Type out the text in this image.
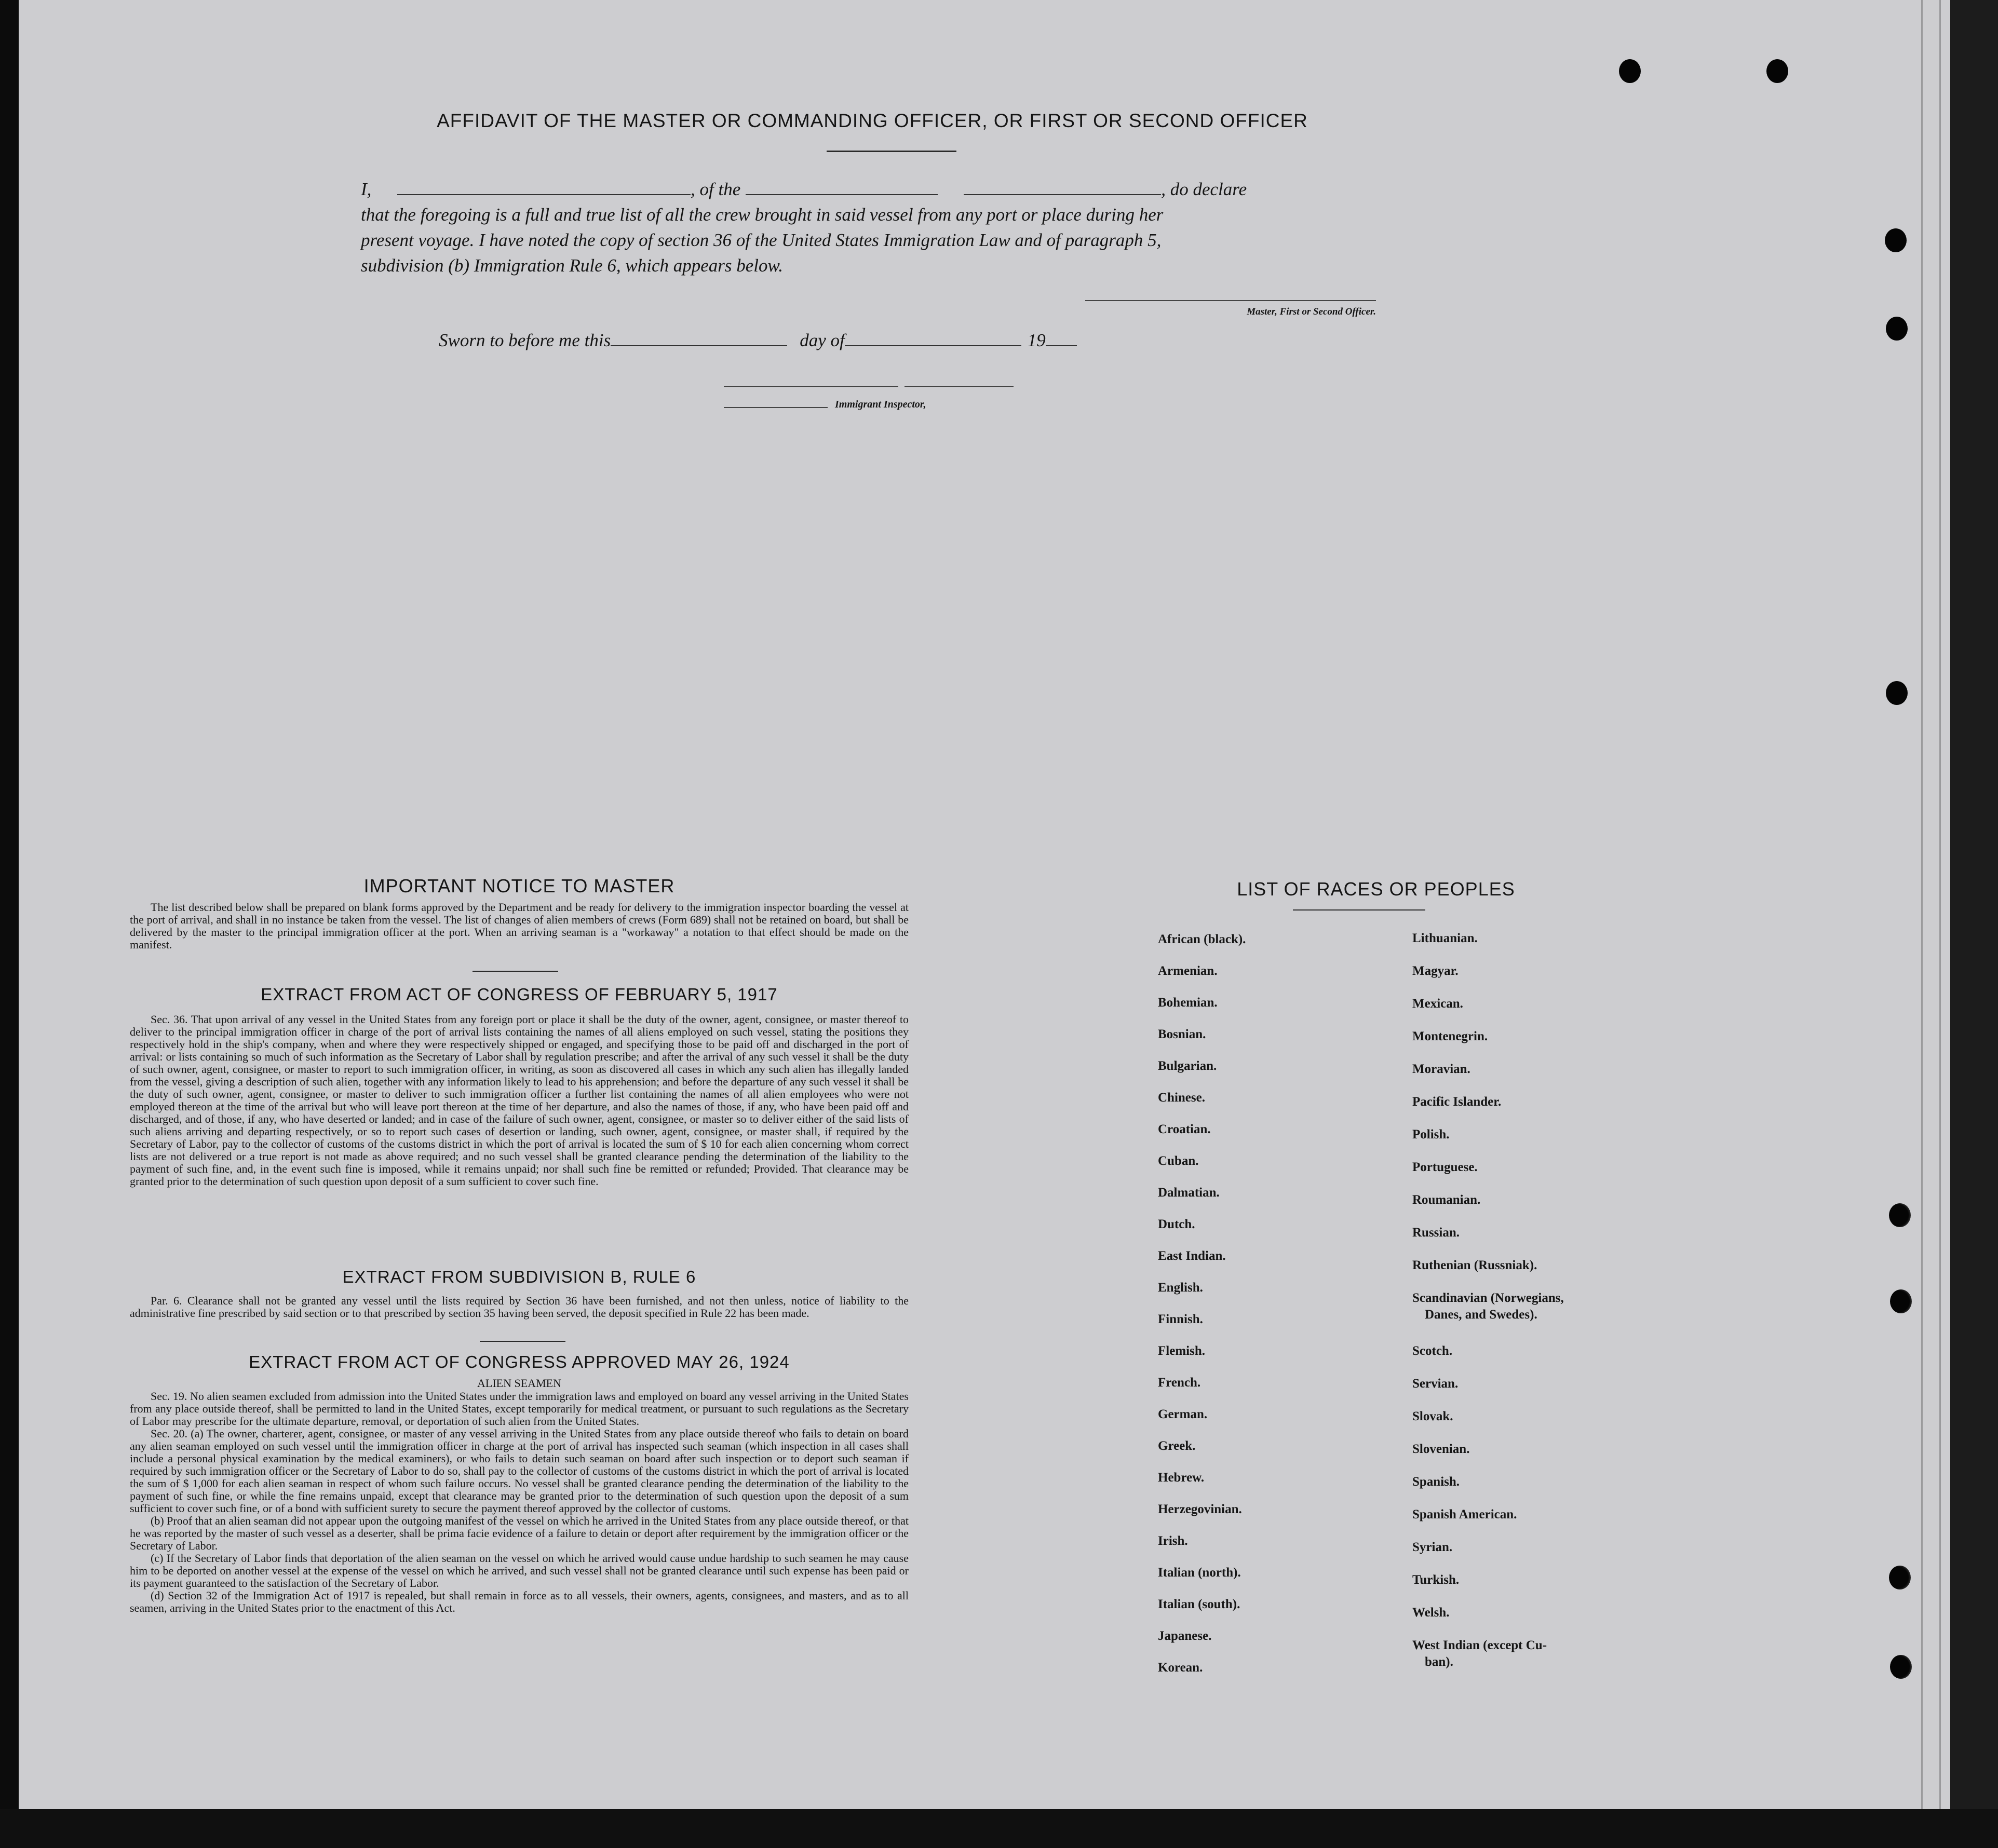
AFFIDAVIT OF THE MASTER OR COMMANDING OFFICER, OR FIRST OR SECOND OFFICER
I,	, of the	, do declare
that the foregoing is a full and true list of all the crew brought in said vessel from any port or place during her
present voyage. I have noted the copy of section 36 of the United States Immigration Law and of paragraph 5,
subdivision (b) Immigration Rule 6, which appears below.
Master, First or Second Officer.
Sworn to before me this	day of	19
Immigrant Inspector,
IMPORTANT NOTICE TO MASTER

The list described below shall be prepared on blank forms approved by the Department and be ready for delivery to the immigration inspector boarding the vessel at the port of arrival, and shall in no instance be taken from the vessel. The list of changes of alien members of crews (Form 689) shall not be retained on board, but shall be delivered by the master to the principal immigration officer at the port. When an arriving seaman is a "workaway" a notation to that effect should be made on the manifest.

EXTRACT FROM ACT OF CONGRESS OF FEBRUARY 5, 1917

Sec. 36. That upon arrival of any vessel in the United States from any foreign port or place it shall be the duty of the owner, agent, consignee, or master thereof to deliver to the principal immigration officer in charge of the port of arrival lists containing the names of all aliens employed on such vessel, stating the positions they respectively hold in the ship's company, when and where they were respectively shipped or engaged, and specifying those to be paid off and discharged in the port of arrival: or lists containing so much of such information as the Secretary of Labor shall by regulation prescribe; and after the arrival of any such vessel it shall be the duty of such owner, agent, consignee, or master to report to such immigration officer, in writing, as soon as discovered all cases in which any such alien has illegally landed from the vessel, giving a description of such alien, together with any information likely to lead to his apprehension; and before the departure of any such vessel it shall be the duty of such owner, agent, consignee, or master to deliver to such immigration officer a further list containing the names of all alien employees who were not employed thereon at the time of the arrival but who will leave port thereon at the time of her departure, and also the names of those, if any, who have been paid off and discharged, and of those, if any, who have deserted or landed; and in case of the failure of such owner, agent, consignee, or master so to deliver either of the said lists of such aliens arriving and departing respectively, or so to report such cases of desertion or landing, such owner, agent, consignee, or master shall, if required by the Secretary of Labor, pay to the collector of customs of the customs district in which the port of arrival is located the sum of $ 10 for each alien concerning whom correct lists are not delivered or a true report is not made as above required; and no such vessel shall be granted clearance pending the determination of the liability to the payment of such fine, and, in the event such fine is imposed, while it remains unpaid; nor shall such fine be remitted or refunded; Provided. That clearance may be granted prior to the determination of such question upon deposit of a sum sufficient to cover such fine.

EXTRACT FROM SUBDIVISION B, RULE 6

Par. 6. Clearance shall not be granted any vessel until the lists required by Section 36 have been furnished, and not then unless, notice of liability to the administrative fine prescribed by said section or to that prescribed by section 35 having been served, the deposit specified in Rule 22 has been made.

EXTRACT FROM ACT OF CONGRESS APPROVED MAY 26, 1924
ALIEN SEAMEN

Sec. 19. No alien seamen excluded from admission into the United States under the immigration laws and employed on board any vessel arriving in the United States from any place outside thereof, shall be permitted to land in the United States, except temporarily for medical treatment, or pursuant to such regulations as the Secretary of Labor may prescribe for the ultimate departure, removal, or deportation of such alien from the United States.

Sec. 20. (a) The owner, charterer, agent, consignee, or master of any vessel arriving in the United States from any place outside thereof who fails to detain on board any alien seaman employed on such vessel until the immigration officer in charge at the port of arrival has inspected such seaman (which inspection in all cases shall include a personal physical examination by the medical examiners), or who fails to detain such seaman on board after such inspection or to deport such seaman if required by such immigration officer or the Secretary of Labor to do so, shall pay to the collector of customs of the customs district in which the port of arrival is located the sum of $ 1,000 for each alien seaman in respect of whom such failure occurs. No vessel shall be granted clearance pending the determination of the liability to the payment of such fine, or while the fine remains unpaid, except that clearance may be granted prior to the determination of such question upon the deposit of a sum sufficient to cover such fine, or of a bond with sufficient surety to secure the payment thereof approved by the collector of customs.

(b) Proof that an alien seaman did not appear upon the outgoing manifest of the vessel on which he arrived in the United States from any place outside thereof, or that he was reported by the master of such vessel as a deserter, shall be prima facie evidence of a failure to detain or deport after requirement by the immigration officer or the Secretary of Labor.

(c) If the Secretary of Labor finds that deportation of the alien seaman on the vessel on which he arrived would cause undue hardship to such seamen he may cause him to be deported on another vessel at the expense of the vessel on which he arrived, and such vessel shall not be granted clearance until such expense has been paid or its payment guaranteed to the satisfaction of the Secretary of Labor.

(d) Section 32 of the Immigration Act of 1917 is repealed, but shall remain in force as to all vessels, their owners, agents, consignees, and masters, and as to all seamen, arriving in the United States prior to the enactment of this Act.

LIST OF RACES OR PEOPLES
African (black).
Armenian.
Bohemian.
Bosnian.
Bulgarian.
Chinese.
Croatian.
Cuban.
Dalmatian.
Dutch.
East Indian.
English.
Finnish.
Flemish.
French.
German.
Greek.
Hebrew.
Herzegovinian.
Irish.
Italian (north).
Italian (south).
Japanese.
Korean.
Lithuanian.
Magyar.
Mexican.
Montenegrin.
Moravian.
Pacific Islander.
Polish.
Portuguese.
Roumanian.
Russian.
Ruthenian (Russniak).
Scandinavian (Norwegians,
Danes, and Swedes).
Scotch.
Servian.
Slovak.
Slovenian.
Spanish.
Spanish American.
Syrian.
Turkish.
Welsh.
West Indian (except Cu-
ban).
